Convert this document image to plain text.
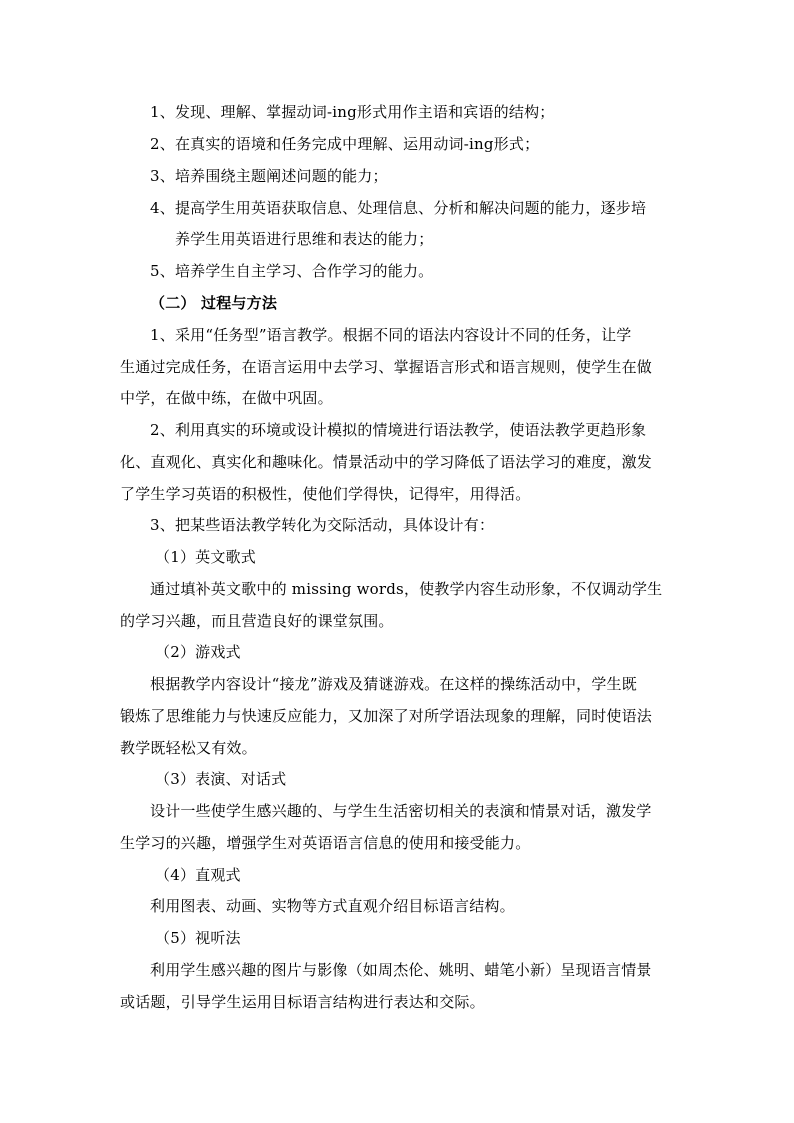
1、发现、理解、掌握动词-ing形式用作主语和宾语的结构；
2、在真实的语境和任务完成中理解、运用动词-ing形式；
3、培养围绕主题阐述问题的能力；
4、提高学生用英语获取信息、处理信息、分析和解决问题的能力，逐步培
养学生用英语进行思维和表达的能力；
5、培养学生自主学习、合作学习的能力。
（二） 过程与方法
1、采用“任务型”语言教学。根据不同的语法内容设计不同的任务，让学
生通过完成任务，在语言运用中去学习、掌握语言形式和语言规则，使学生在做
中学，在做中练，在做中巩固。
2、利用真实的环境或设计模拟的情境进行语法教学，使语法教学更趋形象
化、直观化、真实化和趣味化。情景活动中的学习降低了语法学习的难度，激发
了学生学习英语的积极性，使他们学得快，记得牢，用得活。
3、把某些语法教学转化为交际活动，具体设计有：
（1）英文歌式
通过填补英文歌中的 missing words，使教学内容生动形象，不仅调动学生
的学习兴趣，而且营造良好的课堂氛围。
（2）游戏式
根据教学内容设计“接龙”游戏及猜谜游戏。在这样的操练活动中，学生既
锻炼了思维能力与快速反应能力，又加深了对所学语法现象的理解，同时使语法
教学既轻松又有效。
（3）表演、对话式
设计一些使学生感兴趣的、与学生生活密切相关的表演和情景对话，激发学
生学习的兴趣，增强学生对英语语言信息的使用和接受能力。
（4）直观式
利用图表、动画、实物等方式直观介绍目标语言结构。
（5）视听法
利用学生感兴趣的图片与影像（如周杰伦、姚明、蜡笔小新）呈现语言情景
或话题，引导学生运用目标语言结构进行表达和交际。
